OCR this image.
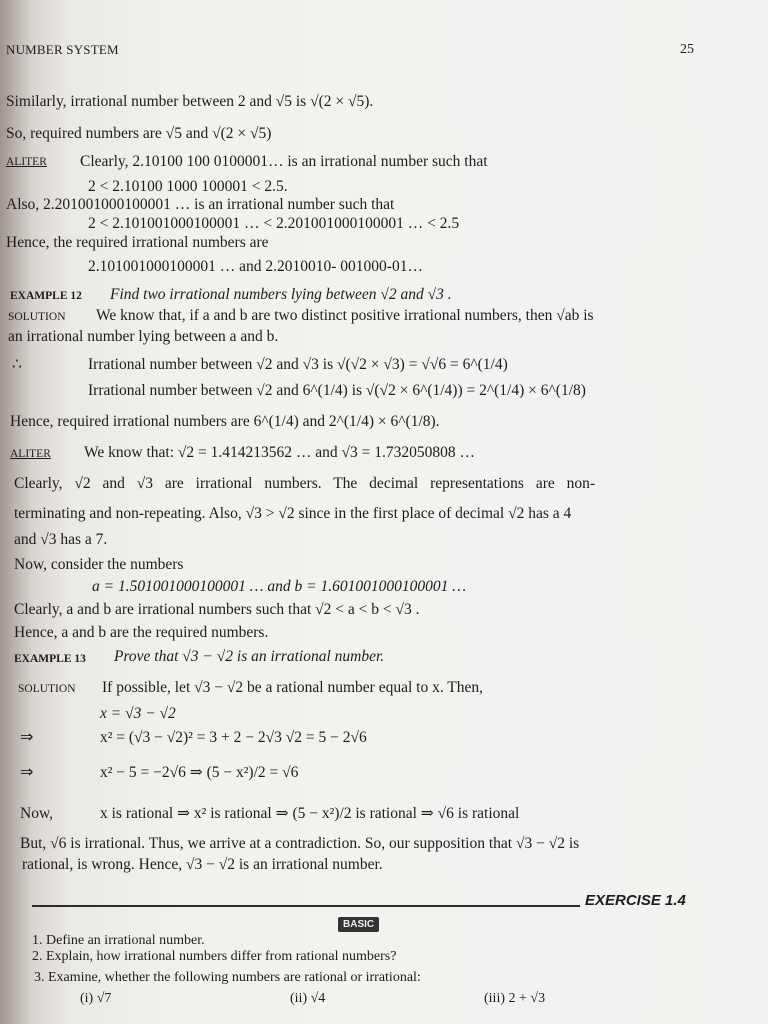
NUMBER SYSTEM	25
Similarly, irrational number between 2 and √5 is √(2 × √5).
So, required numbers are √5 and √(2 × √5)
ALITER Clearly, 2.10100 100 0100001… is an irrational number such that
2 < 2.10100 1000 100001 < 2.5.
Also, 2.201001000100001 … is an irrational number such that
2 < 2.101001000100001 … < 2.201001000100001 … < 2.5
Hence, the required irrational numbers are
2.101001000100001 … and 2.2010010- 001000-01…
EXAMPLE 12 Find two irrational numbers lying between √2 and √3 .
SOLUTION We know that, if a and b are two distinct positive irrational numbers, then √ab is
an irrational number lying between a and b.
∴	Irrational number between √2 and √3 is √(√2 × √3) = √√6 = 6^(1/4)
Irrational number between √2 and 6^(1/4) is √(√2 × 6^(1/4)) = 2^(1/4) × 6^(1/8)
Hence, required irrational numbers are 6^(1/4) and 2^(1/4) × 6^(1/8).
ALITER We know that: √2 = 1.414213562 … and √3 = 1.732050808 …
Clearly, √2 and √3 are irrational numbers. The decimal representations are non-
terminating and non-repeating. Also, √3 > √2 since in the first place of decimal √2 has a 4
and √3 has a 7.
Now, consider the numbers
a = 1.501001000100001 … and b = 1.601001000100001 …
Clearly, a and b are irrational numbers such that √2 < a < b < √3 .
Hence, a and b are the required numbers.
EXAMPLE 13 Prove that √3 − √2 is an irrational number.
SOLUTION If possible, let √3 − √2 be a rational number equal to x. Then,
x = √3 − √2
⇒	x² = (√3 − √2)² = 3 + 2 − 2√3 √2 = 5 − 2√6
⇒	x² − 5 = −2√6 ⇒ (5 − x²)/2 = √6
Now,	x is rational ⇒ x² is rational ⇒ (5 − x²)/2 is rational ⇒ √6 is rational
But, √6 is irrational. Thus, we arrive at a contradiction. So, our supposition that √3 − √2 is
rational, is wrong. Hence, √3 − √2 is an irrational number.
EXERCISE 1.4
BASIC
1. Define an irrational number.
2. Explain, how irrational numbers differ from rational numbers?
3. Examine, whether the following numbers are rational or irrational:
(i) √7	(ii) √4	(iii) 2 + √3
